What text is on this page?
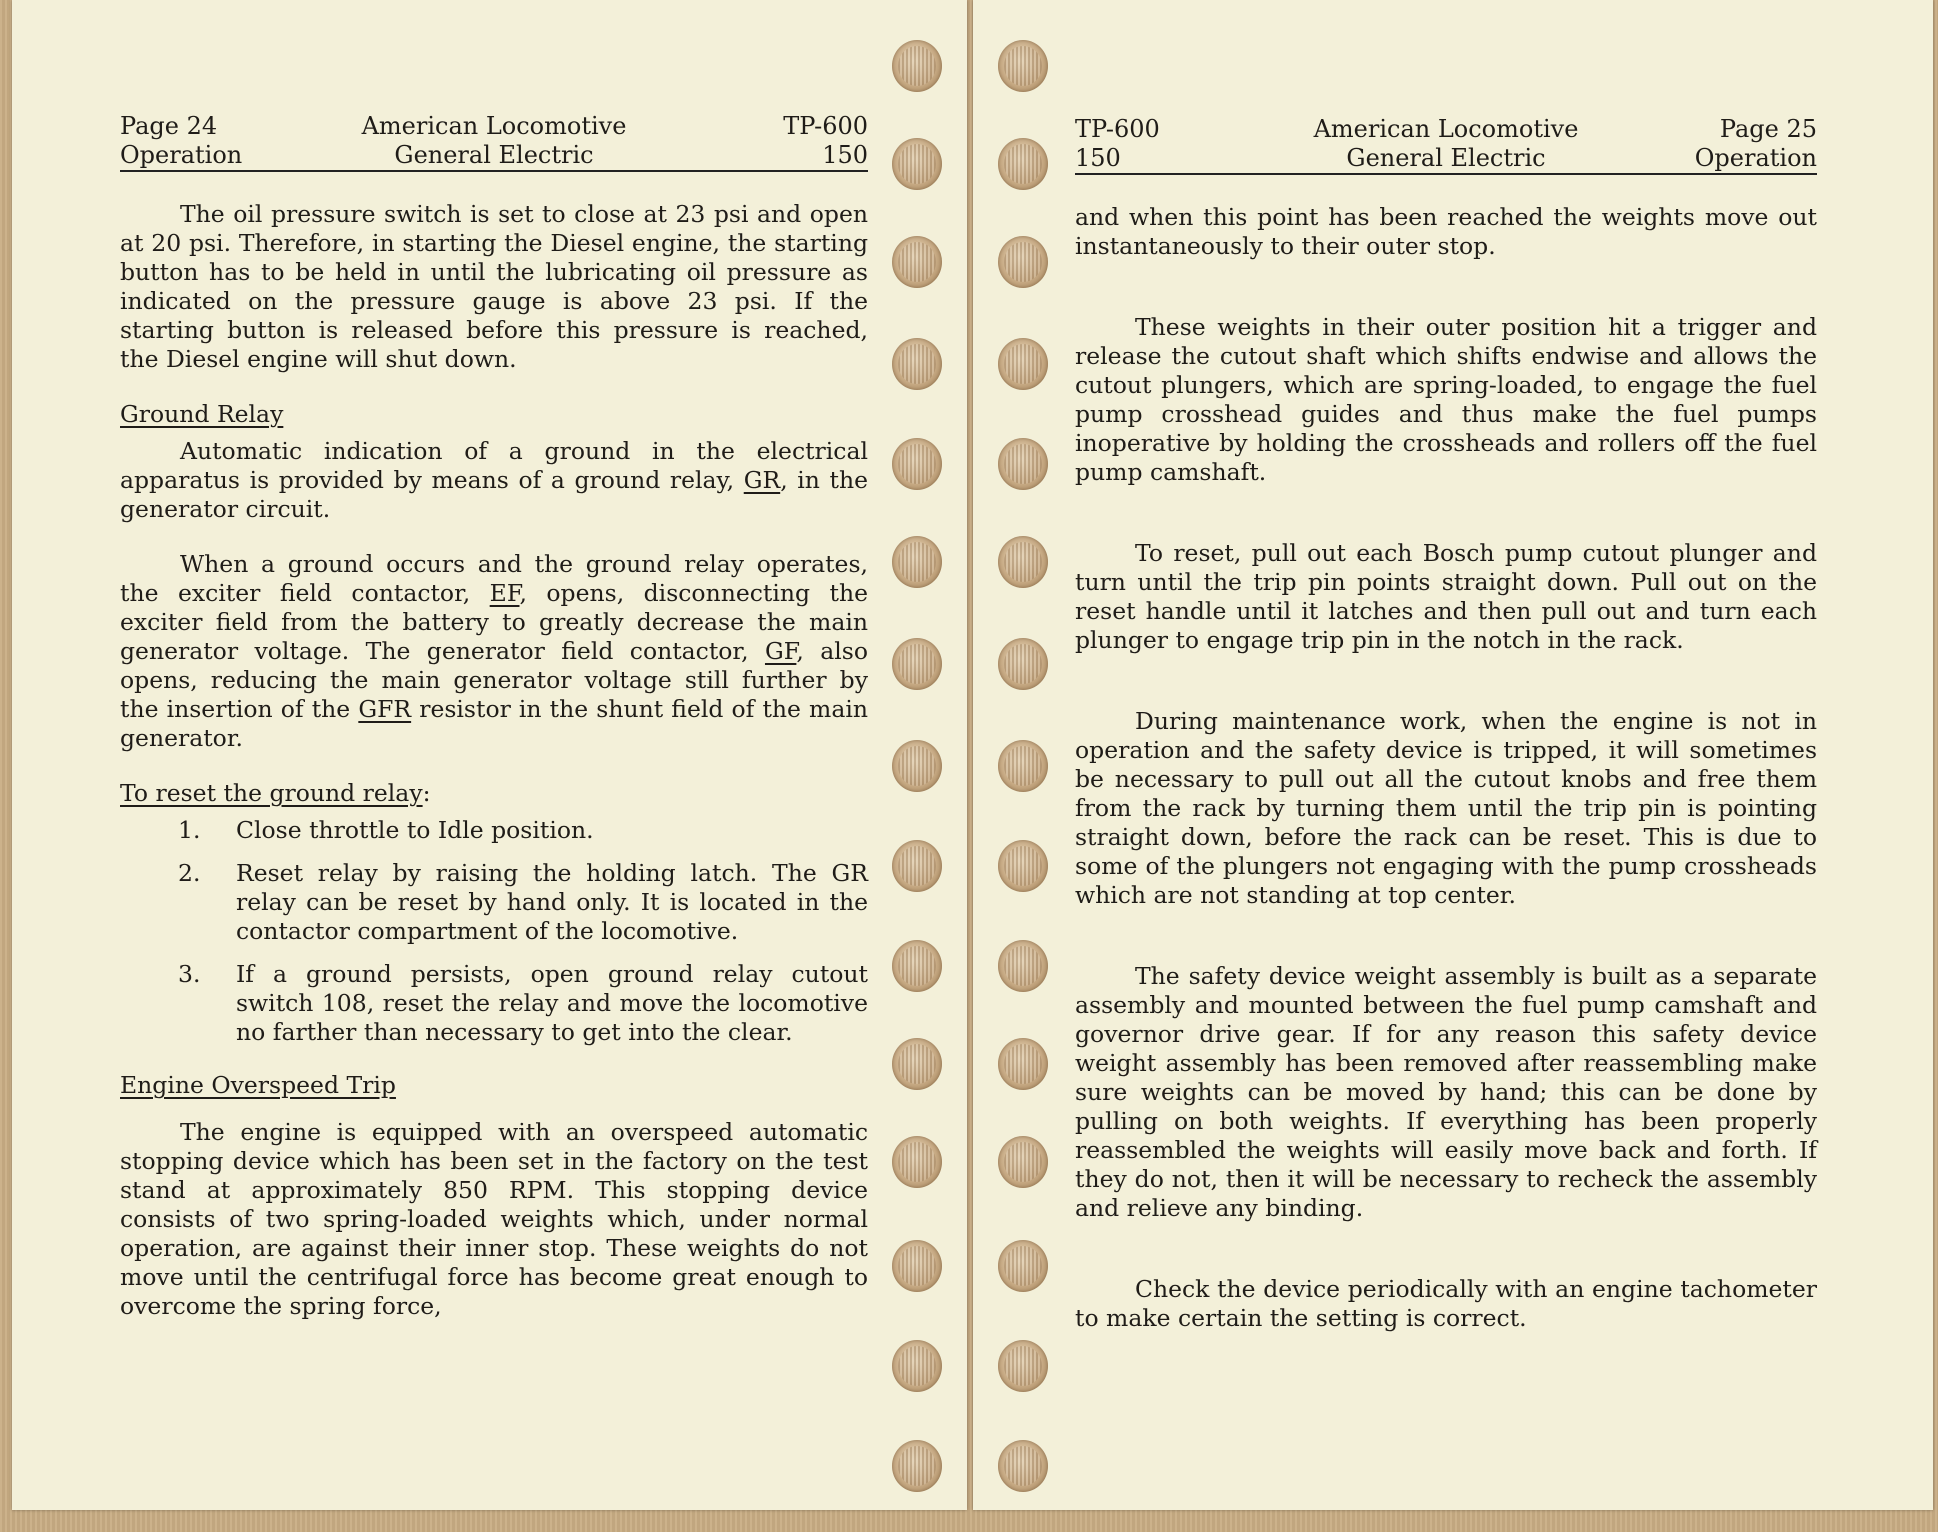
Page 24
Operation
American Locomotive
General Electric
TP-600
150

The oil pressure switch is set to close at 23 psi and open at 20 psi. Therefore, in starting the Diesel engine, the starting button has to be held in until the lubricating oil pressure as indicated on the pressure gauge is above 23 psi. If the starting button is released before this pressure is reached, the Diesel engine will shut down.

Ground Relay

Automatic indication of a ground in the electrical apparatus is provided by means of a ground relay, GR, in the generator circuit.

When a ground occurs and the ground relay operates, the exciter field contactor, EF, opens, disconnecting the exciter field from the battery to greatly decrease the main generator voltage. The generator field contactor, GF, also opens, reducing the main generator voltage still further by the insertion of the GFR resistor in the shunt field of the main generator.

To reset the ground relay:
1. Close throttle to Idle position.
2. Reset relay by raising the holding latch. The GR relay can be reset by hand only. It is located in the contactor compartment of the locomotive.
3. If a ground persists, open ground relay cutout switch 108, reset the relay and move the locomotive no farther than necessary to get into the clear.
Engine Overspeed Trip

The engine is equipped with an overspeed automatic stopping device which has been set in the factory on the test stand at approximately 850 RPM. This stopping device consists of two spring-loaded weights which, under normal operation, are against their inner stop. These weights do not move until the centrifugal force has become great enough to overcome the spring force,

TP-600
150
American Locomotive
General Electric
Page 25
Operation

and when this point has been reached the weights move out instantaneously to their outer stop.

These weights in their outer position hit a trigger and release the cutout shaft which shifts endwise and allows the cutout plungers, which are spring-loaded, to engage the fuel pump crosshead guides and thus make the fuel pumps inoperative by holding the crossheads and rollers off the fuel pump camshaft.

To reset, pull out each Bosch pump cutout plunger and turn until the trip pin points straight down. Pull out on the reset handle until it latches and then pull out and turn each plunger to engage trip pin in the notch in the rack.

During maintenance work, when the engine is not in operation and the safety device is tripped, it will sometimes be necessary to pull out all the cutout knobs and free them from the rack by turning them until the trip pin is pointing straight down, before the rack can be reset. This is due to some of the plungers not engaging with the pump crossheads which are not standing at top center.

The safety device weight assembly is built as a separate assembly and mounted between the fuel pump camshaft and governor drive gear. If for any reason this safety device weight assembly has been removed after reassembling make sure weights can be moved by hand; this can be done by pulling on both weights. If everything has been properly reassembled the weights will easily move back and forth. If they do not, then it will be necessary to recheck the assembly and relieve any binding.

Check the device periodically with an engine tachometer to make certain the setting is correct.
